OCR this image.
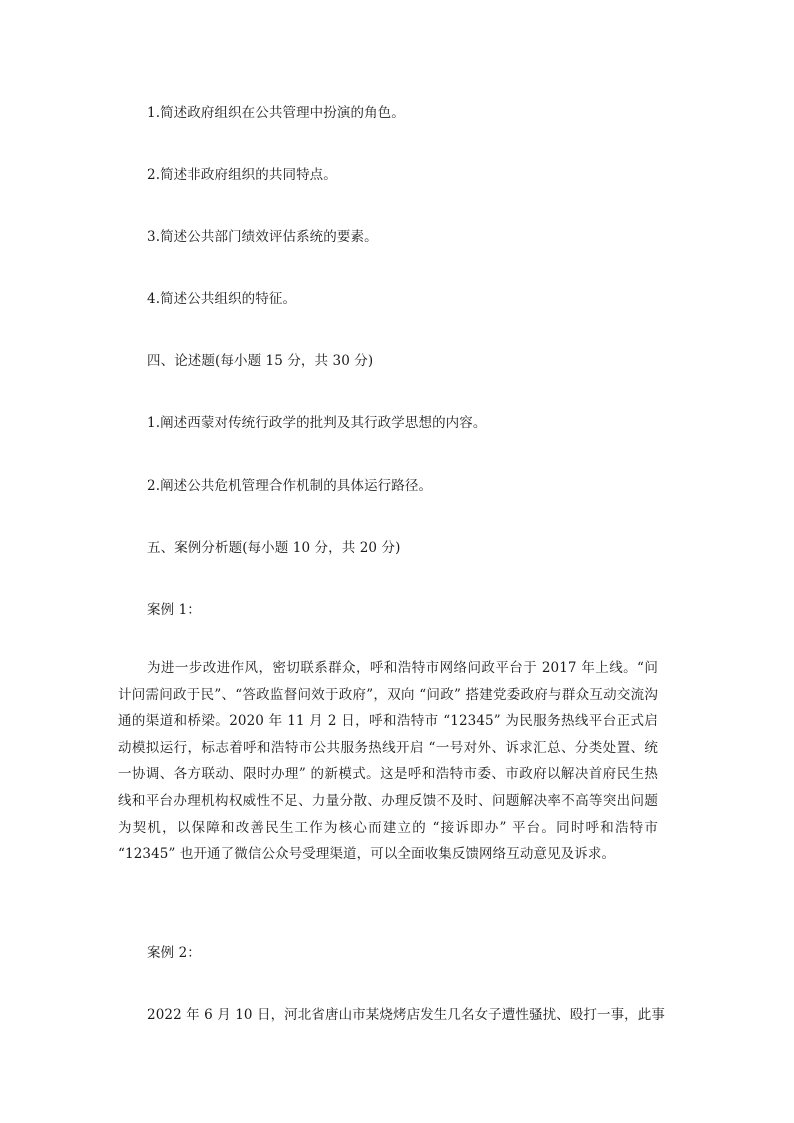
1.简述政府组织在公共管理中扮演的角色。
2.简述非政府组织的共同特点。
3.简述公共部门绩效评估系统的要素。
4.简述公共组织的特征。
四、论述题(每小题 15 分，共 30 分)
1.阐述西蒙对传统行政学的批判及其行政学思想的内容。
2.阐述公共危机管理合作机制的具体运行路径。
五、案例分析题(每小题 10 分，共 20 分)
案例 1：
为进一步改进作风，密切联系群众，呼和浩特市网络问政平台于 2017 年上线。“问计问需问政于民”、“答政监督问效于政府”，双向 “问政” 搭建党委政府与群众互动交流沟通的渠道和桥梁。2020 年 11 月 2 日，呼和浩特市 “12345” 为民服务热线平台正式启动模拟运行，标志着呼和浩特市公共服务热线开启 “一号对外、诉求汇总、分类处置、统一协调、各方联动、限时办理” 的新模式。这是呼和浩特市委、市政府以解决首府民生热线和平台办理机构权威性不足、力量分散、办理反馈不及时、问题解决率不高等突出问题为契机，以保障和改善民生工作为核心而建立的 “接诉即办” 平台。同时呼和浩特市 “12345” 也开通了微信公众号受理渠道，可以全面收集反馈网络互动意见及诉求。
案例 2：
2022 年 6 月 10 日，河北省唐山市某烧烤店发生几名女子遭性骚扰、殴打一事，此事
